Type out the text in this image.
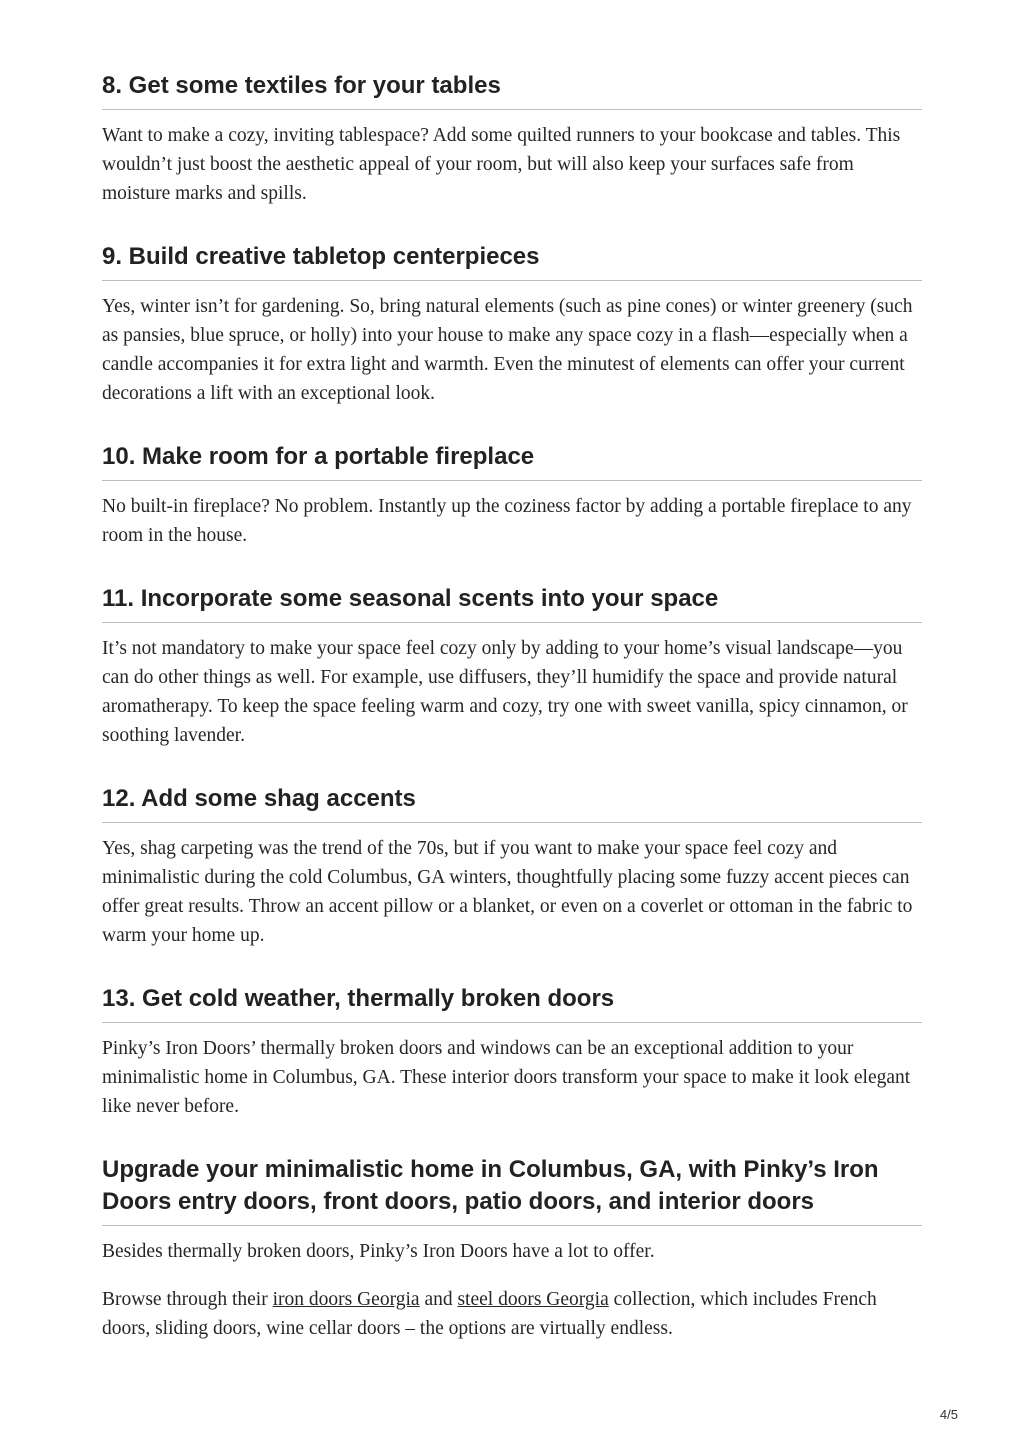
8. Get some textiles for your tables

Want to make a cozy, inviting tablespace? Add some quilted runners to your bookcase and tables. This wouldn’t just boost the aesthetic appeal of your room, but will also keep your surfaces safe from moisture marks and spills.

9. Build creative tabletop centerpieces

Yes, winter isn’t for gardening. So, bring natural elements (such as pine cones) or winter greenery (such as pansies, blue spruce, or holly) into your house to make any space cozy in a flash—especially when a candle accompanies it for extra light and warmth. Even the minutest of elements can offer your current decorations a lift with an exceptional look.

10. Make room for a portable fireplace

No built-in fireplace? No problem. Instantly up the coziness factor by adding a portable fireplace to any room in the house.

11. Incorporate some seasonal scents into your space

It’s not mandatory to make your space feel cozy only by adding to your home’s visual landscape—you can do other things as well. For example, use diffusers, they’ll humidify the space and provide natural aromatherapy. To keep the space feeling warm and cozy, try one with sweet vanilla, spicy cinnamon, or soothing lavender.

12. Add some shag accents

Yes, shag carpeting was the trend of the 70s, but if you want to make your space feel cozy and minimalistic during the cold Columbus, GA winters, thoughtfully placing some fuzzy accent pieces can offer great results. Throw an accent pillow or a blanket, or even on a coverlet or ottoman in the fabric to warm your home up.

13. Get cold weather, thermally broken doors

Pinky’s Iron Doors’ thermally broken doors and windows can be an exceptional addition to your minimalistic home in Columbus, GA. These interior doors transform your space to make it look elegant like never before.

Upgrade your minimalistic home in Columbus, GA, with Pinky’s Iron Doors entry doors, front doors, patio doors, and interior doors

Besides thermally broken doors, Pinky’s Iron Doors have a lot to offer.

Browse through their iron doors Georgia and steel doors Georgia collection, which includes French doors, sliding doors, wine cellar doors – the options are virtually endless.

4/5
